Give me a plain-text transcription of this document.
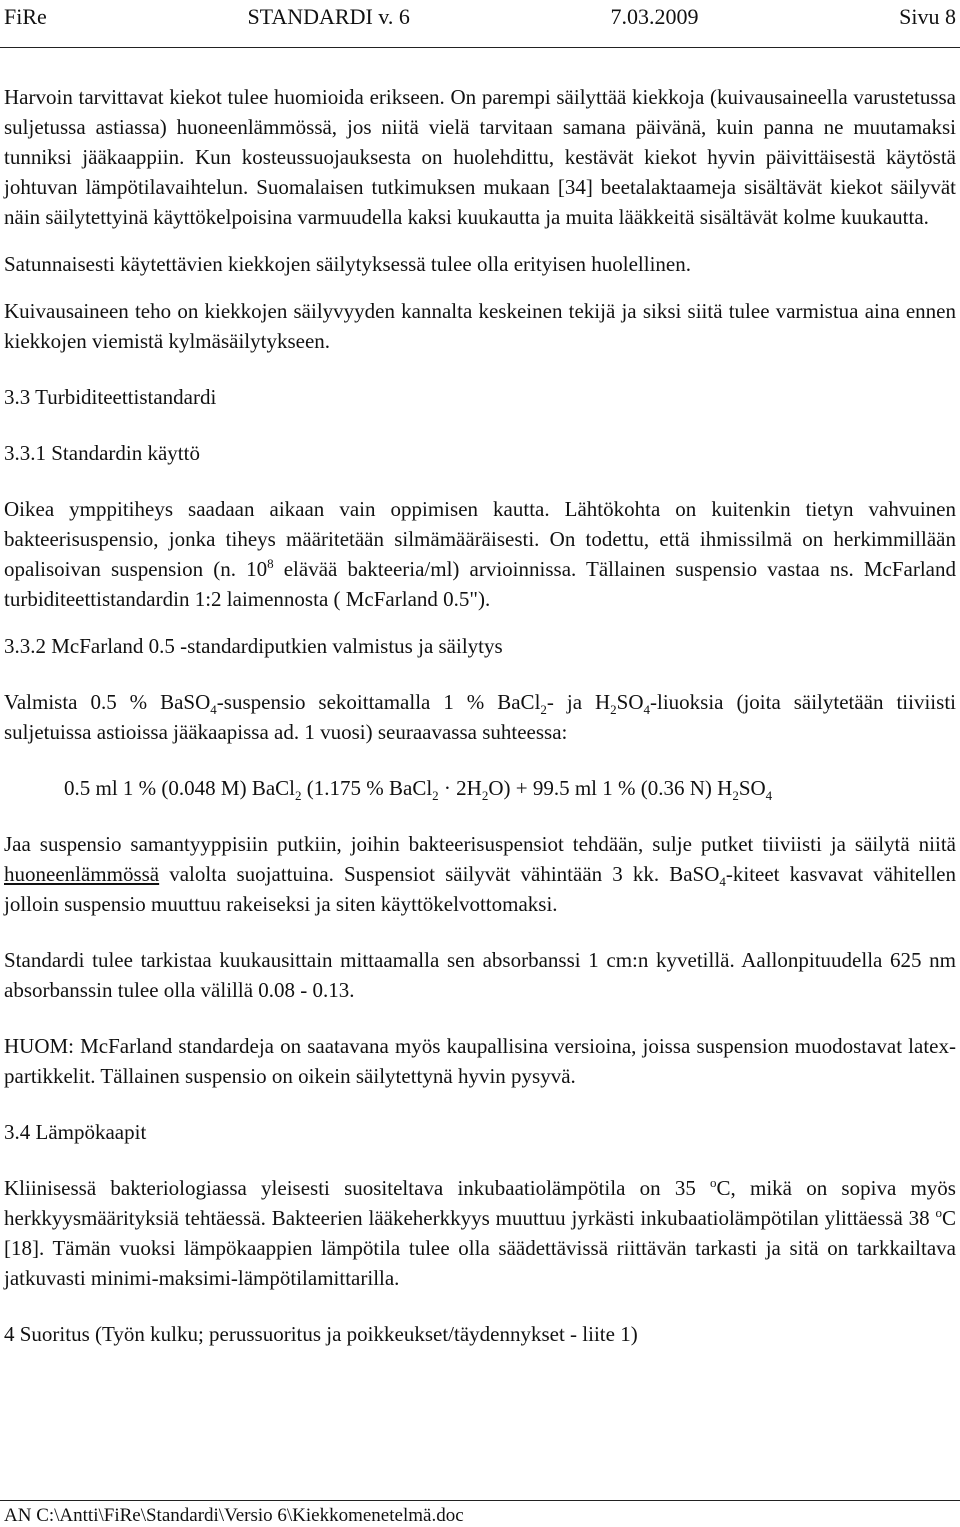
FiRe	STANDARDI v. 6	7.03.2009	Sivu 8

Harvoin tarvittavat kiekot tulee huomioida erikseen. On parempi säilyttää kiekkoja (kuivausaineella varustetussa suljetussa astiassa) huoneenlämmössä, jos niitä vielä tarvitaan samana päivänä, kuin panna ne muutamaksi tunniksi jääkaappiin. Kun kosteussuojauksesta on huolehdittu, kestävät kiekot hyvin päivittäisestä käytöstä johtuvan lämpötilavaihtelun. Suomalaisen tutkimuksen mukaan [34] beetalaktaameja sisältävät kiekot säilyvät näin säilytettyinä käyttökelpoisina varmuudella kaksi kuukautta ja muita lääkkeitä sisältävät kolme kuukautta.

Satunnaisesti käytettävien kiekkojen säilytyksessä tulee olla erityisen huolellinen.

Kuivausaineen teho on kiekkojen säilyvyyden kannalta keskeinen tekijä ja siksi siitä tulee varmistua aina ennen kiekkojen viemistä kylmäsäilytykseen.

3.3 Turbiditeettistandardi

3.3.1 Standardin käyttö

Oikea ymppitiheys saadaan aikaan vain oppimisen kautta. Lähtökohta on kuitenkin tietyn vahvuinen bakteerisuspensio, jonka tiheys määritetään silmämääräisesti. On todettu, että ihmissilmä on herkimmillään opalisoivan suspension (n. $10^8$ elävää bakteeria/ml) arvioinnissa. Tällainen suspensio vastaa ns. McFarland turbiditeettistandardin 1:2 laimennosta ( McFarland 0.5").

3.3.2 McFarland 0.5 -standardiputkien valmistus ja säilytys

Valmista 0.5 % BaSO$_4$-suspensio sekoittamalla 1 % BaCl$_2$- ja $H_2SO_4$-liuoksia (joita säilytetään tiiviisti suljetuissa astioissa jääkaapissa ad. 1 vuosi) seuraavassa suhteessa:

0.5 ml 1 % (0.048 M) BaCl$_2$ (1.175 % BaCl$_2$ · $2H_2O) + 99.5$ ml 1 % (0.36 N) $H_2SO_4$

Jaa suspensio samantyyppisiin putkiin, joihin bakteerisuspensiot tehdään, sulje putket tiiviisti ja säilytä niitä huoneenlämmössä valolta suojattuina. Suspensiot säilyvät vähintään 3 kk. BaSO$_4$-kiteet kasvavat vähitellen jolloin suspensio muuttuu rakeiseksi ja siten käyttökelvottomaksi.

Standardi tulee tarkistaa kuukausittain mittaamalla sen absorbanssi 1 cm:n kyvetillä. Aallonpituudella 625 nm absorbanssin tulee olla välillä 0.08 - 0.13.

HUOM: McFarland standardeja on saatavana myös kaupallisina versioina, joissa suspension muodostavat latex-partikkelit. Tällainen suspensio on oikein säilytettynä hyvin pysyvä.

3.4 Lämpökaapit

Kliinisessä bakteriologiassa yleisesti suositeltava inkubaatiolämpötila on 35 $^o$C, mikä on sopiva myös herkkyysmäärityksiä tehtäessä. Bakteerien lääkeherkkyys muuttuu jyrkästi inkubaatiolämpötilan ylittäessä 38 $^o$C [18]. Tämän vuoksi lämpökaappien lämpötila tulee olla säädettävissä riittävän tarkasti ja sitä on tarkkailtava jatkuvasti minimi-maksimi-lämpötilamittarilla.

4 Suoritus (Työn kulku; perussuoritus ja poikkeukset/täydennykset - liite 1)

AN C:\Antti\FiRe\Standardi\Versio 6\Kiekkomenetelmä.doc
